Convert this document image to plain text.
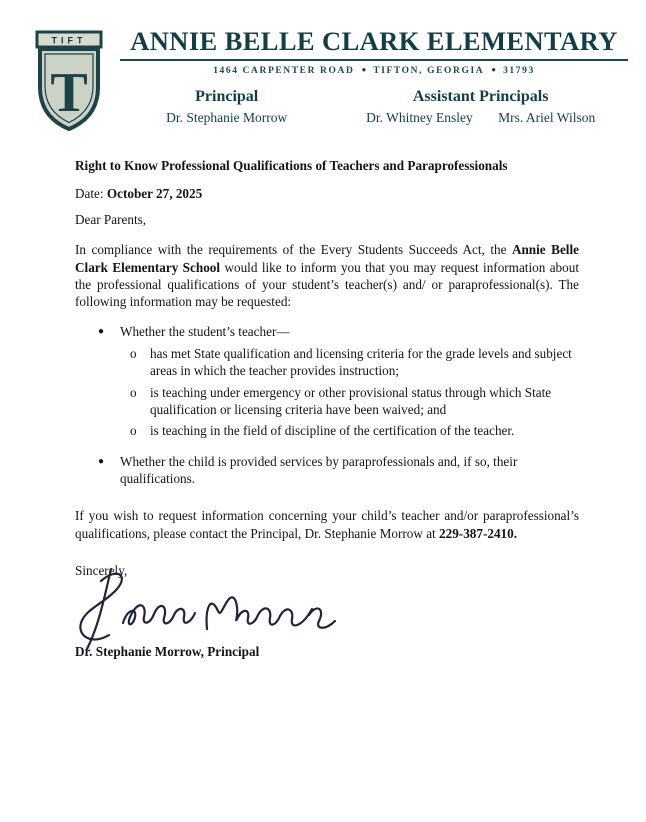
TIFT
T
ANNIE BELLE CLARK ELEMENTARY
1464 CARPENTER ROAD ● TIFTON, GEORGIA ● 31793
Principal
Dr. Stephanie Morrow
Assistant Principals
Dr. Whitney Ensley Mrs. Ariel Wilson

Right to Know Professional Qualifications of Teachers and Paraprofessionals

Date: October 27, 2025

Dear Parents,

In compliance with the requirements of the Every Students Succeeds Act, the Annie Belle Clark Elementary School would like to inform you that you may request information about the professional qualifications of your student’s teacher(s) and/ or paraprofessional(s). The following information may be requested:

● Whether the student’s teacher—
o has met State qualification and licensing criteria for the grade levels and subject areas in which the teacher provides instruction;
o is teaching under emergency or other provisional status through which State qualification or licensing criteria have been waived; and
o is teaching in the field of discipline of the certification of the teacher.
● Whether the child is provided services by paraprofessionals and, if so, their qualifications.

If you wish to request information concerning your child’s teacher and/or paraprofessional’s qualifications, please contact the Principal, Dr. Stephanie Morrow at 229-387-2410.

Sincerely,

Dr. Stephanie Morrow, Principal
